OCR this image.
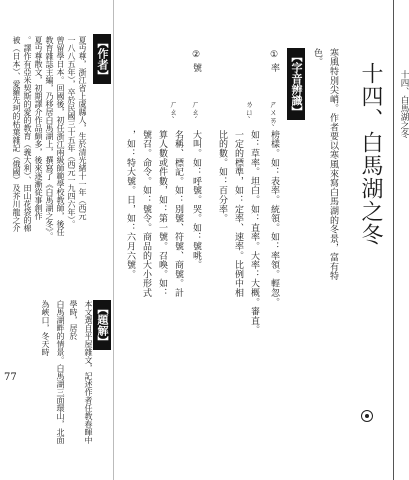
十四、白馬湖之冬
十四、白馬湖之冬
寒風特別尖峭。作者要以寒風來寫白馬湖的冬景，富有特
色。
【字音辨識】
①
率
ㄕㄨㄞˋ
榜樣。如：表率。統領。如：率領。輕忽。
ㄌㄩˋ
如：草率。坦白。如：直率。大率：大概。審直。
一定的標準，如：定率、速率。比例中相
比的數。如：百分率。
②
號
ㄏㄠˊ
大叫。如：呼號。哭。如：號咷。
ㄏㄠˋ
名稱、標記。如：別號、符號、商號。計
算人數或件數，如：第一號。召喚。如：
號召。命令。如：號令。商品的大小形式
，如：特大號。日，如：六月六號。
【作者】
夏丏尊，浙江省上虞縣人，生於清光緒十一年（西元
一八八五年），卒於民國三十五年（西元一九四六年）。
曾留學日本。回國後，初任浙江兩級師範學校教師，後任
教育雜誌主編，乃移居白馬湖上，撰寫了《白馬湖之冬》。
夏丏尊散文，初期譯介作品頗多，後來逐漸從事創作
。譯作有亞米契斯的愛的教育（義大利）、田山花袋的棉
被（日本）、愛羅先珂的枯葉雜記（俄國）及芥川龍之介
【題解】
本文選自平屋雜文，記述作者任教春暉中學時，居於
白馬湖畔的情景。白馬湖三面環山，北面為峽口，冬天時
77
